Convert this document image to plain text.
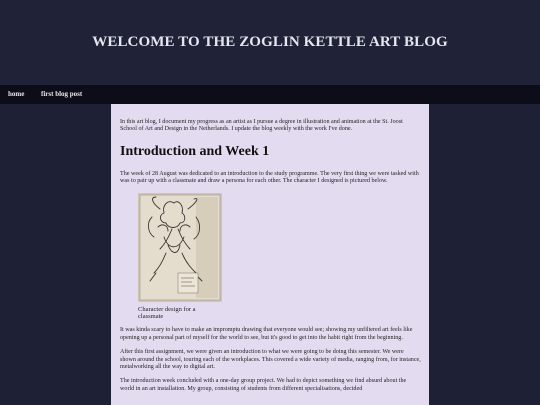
WELCOME TO THE ZOGLIN KETTLE ART BLOG
home first blog post

In this art blog, I document my progress as an artist as I pursue a degree in illustration and animation at the St. Joost School of Art and Design in the Netherlands. I update the blog weekly with the work I've done.

Introduction and Week 1

The week of 28 August was dedicated to an introduction to the study programme. The very first thing we were tasked with was to pair up with a classmate and draw a persona for each other. The character I designed is pictured below.

Character design for a classmate

It was kinda scary to have to make an impromptu drawing that everyone would see; showing my unfiltered art feels like opening up a personal part of myself for the world to see, but it's good to get into the habit right from the beginning.

After this first assignment, we were given an introduction to what we were going to be doing this semester. We were shown around the school, touring each of the workplaces. This covered a wide variety of media, ranging from, for instance, metalworking all the way to digital art.

The introduction week concluded with a one-day group project. We had to depict something we find absurd about the world in an art installation. My group, consisting of students from different specialisations, decided
